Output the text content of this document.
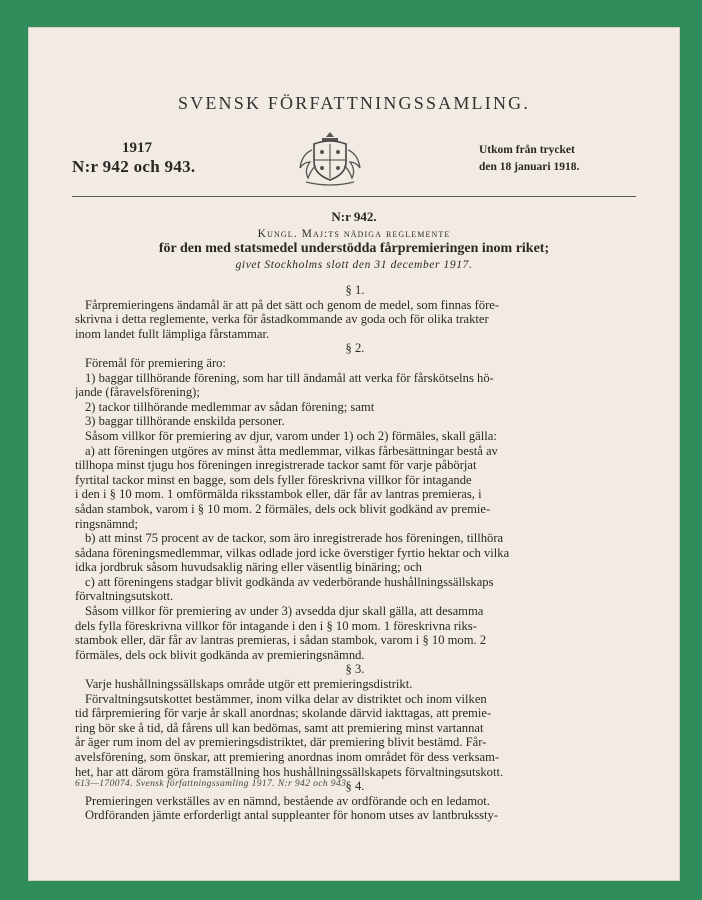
SVENSK FÖRFATTNINGSSAMLING.
1917
N:r 942 och 943.
Utkom från trycket
den 18 januari 1918.
N:r 942.
Kungl. Maj:ts nådiga reglemente
för den med statsmedel understödda fårpremieringen inom riket;
givet Stockholms slott den 31 december 1917.
§ 1.
Fårpremieringens ändamål är att på det sätt och genom de medel, som finnas före-
skrivna i detta reglemente, verka för åstadkommande av goda och för olika trakter
inom landet fullt lämpliga fårstammar.
§ 2.
Föremål för premiering äro:
1) baggar tillhörande förening, som har till ändamål att verka för fårskötselns hö-
jande (fåravelsförening);
2) tackor tillhörande medlemmar av sådan förening; samt
3) baggar tillhörande enskilda personer.
Såsom villkor för premiering av djur, varom under 1) och 2) förmäles, skall gälla:
a) att föreningen utgöres av minst åtta medlemmar, vilkas fårbesättningar bestå av
tillhopa minst tjugu hos föreningen inregistrerade tackor samt för varje påbörjat
fyrtital tackor minst en bagge, som dels fyller föreskrivna villkor för intagande
i den i § 10 mom. 1 omförmälda riksstambok eller, där får av lantras premieras, i
sådan stambok, varom i § 10 mom. 2 förmäles, dels ock blivit godkänd av premie-
ringsnämnd;
b) att minst 75 procent av de tackor, som äro inregistrerade hos föreningen, tillhöra
sådana föreningsmedlemmar, vilkas odlade jord icke överstiger fyrtio hektar och vilka
idka jordbruk såsom huvudsaklig näring eller väsentlig binäring; och
c) att föreningens stadgar blivit godkända av vederbörande hushållningssällskaps
förvaltningsutskott.
Såsom villkor för premiering av under 3) avsedda djur skall gälla, att desamma
dels fylla föreskrivna villkor för intagande i den i § 10 mom. 1 föreskrivna riks-
stambok eller, där får av lantras premieras, i sådan stambok, varom i § 10 mom. 2
förmäles, dels ock blivit godkända av premieringsnämnd.
§ 3.
Varje hushållningssällskaps område utgör ett premieringsdistrikt.
Förvaltningsutskottet bestämmer, inom vilka delar av distriktet och inom vilken
tid fårpremiering för varje år skall anordnas; skolande därvid iakttagas, att premie-
ring bör ske å tid, då fårens ull kan bedömas, samt att premiering minst vartannat
år äger rum inom del av premieringsdistriktet, där premiering blivit bestämd. Får-
avelsförening, som önskar, att premiering anordnas inom området för dess verksam-
het, har att därom göra framställning hos hushållningssällskapets förvaltningsutskott.
§ 4.
Premieringen verkställes av en nämnd, bestående av ordförande och en ledamot.
Ordföranden jämte erforderligt antal suppleanter för honom utses av lantbrukssty-
613—170074. Svensk författningssamling 1917. N:r 942 och 943.
